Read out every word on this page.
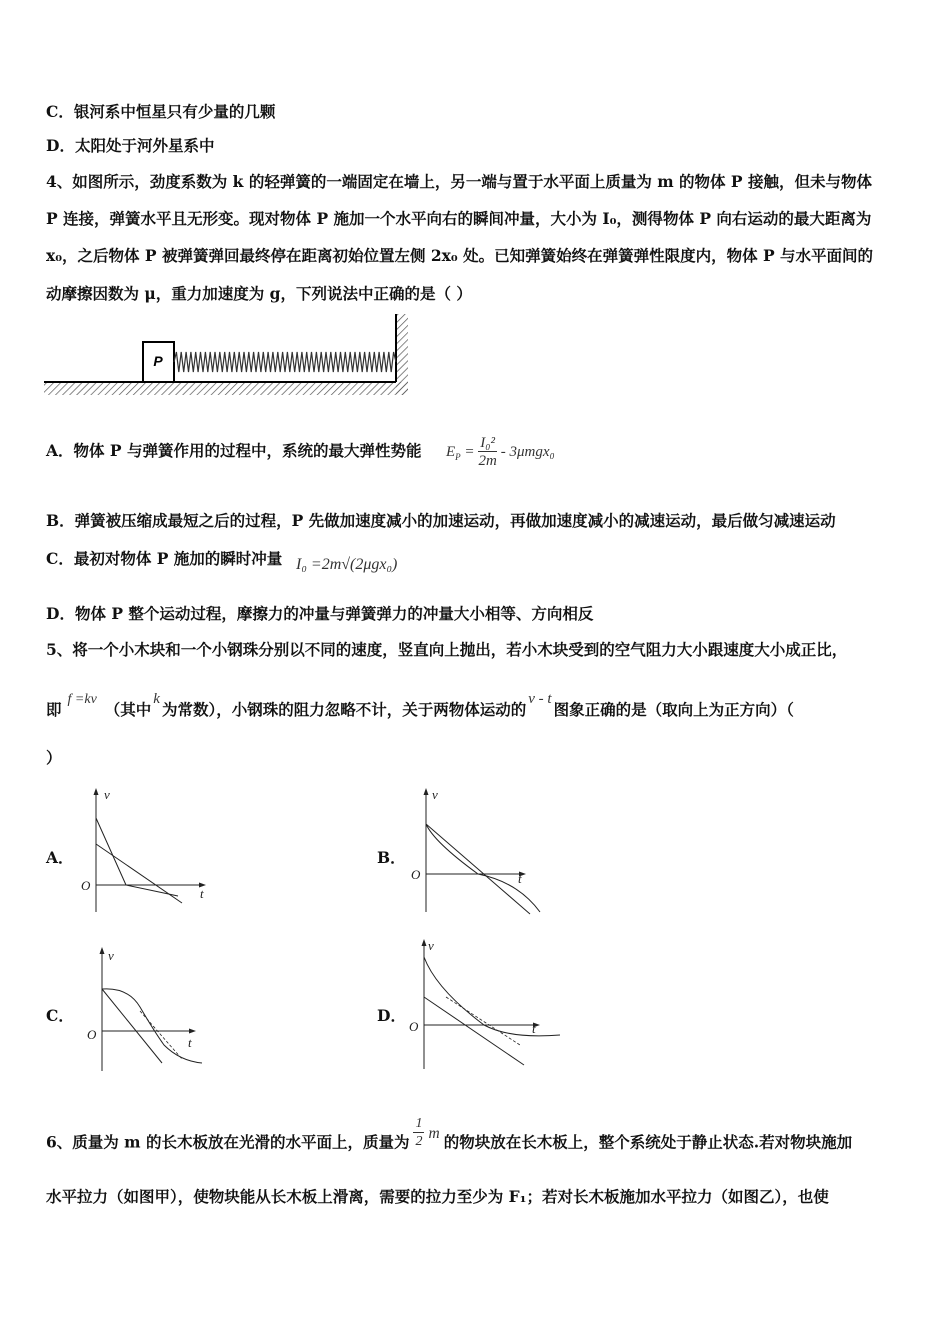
C．银河系中恒星只有少量的几颗
D．太阳处于河外星系中
4、如图所示，劲度系数为 k 的轻弹簧的一端固定在墙上，另一端与置于水平面上质量为 m 的物体 P 接触，但未与物体
P 连接，弹簧水平且无形变。现对物体 P 施加一个水平向右的瞬间冲量，大小为 I₀，测得物体 P 向右运动的最大距离为
x₀，之后物体 P 被弹簧弹回最终停在距离初始位置左侧 2x₀ 处。已知弹簧始终在弹簧弹性限度内，物体 P 与水平面间的
动摩擦因数为 μ，重力加速度为 g，下列说法中正确的是（ ）
P
A．物体 P 与弹簧作用的过程中，系统的最大弹性势能 $E_P = \frac{\text{I₀²}}{2m} - 3\mu mgx_0$
B．弹簧被压缩成最短之后的过程，P 先做加速度减小的加速运动，再做加速度减小的减速运动，最后做匀减速运动
C．最初对物体 P 施加的瞬时冲量 I₀ =2m√(2μgx₀)
D．物体 P 整个运动过程，摩擦力的冲量与弹簧弹力的冲量大小相等、方向相反
5、将一个小木块和一个小钢珠分别以不同的速度，竖直向上抛出，若小木块受到的空气阻力大小跟速度大小成正比，
即f =kv（其中k为常数），小钢珠的阻力忽略不计，关于两物体运动的v - t图象正确的是（取向上为正方向）（
）
A．	B．
C．	D．
v
t
O
v
t
O
v
t
O
v
t
O
6、质量为 m 的长木板放在光滑的水平面上，质量为 $\frac{1}{2}$ m 的物块放在长木板上，整个系统处于静止状态.若对物块施加
水平拉力（如图甲），使物块能从长木板上滑离，需要的拉力至少为 F₁；若对长木板施加水平拉力（如图乙），也使
